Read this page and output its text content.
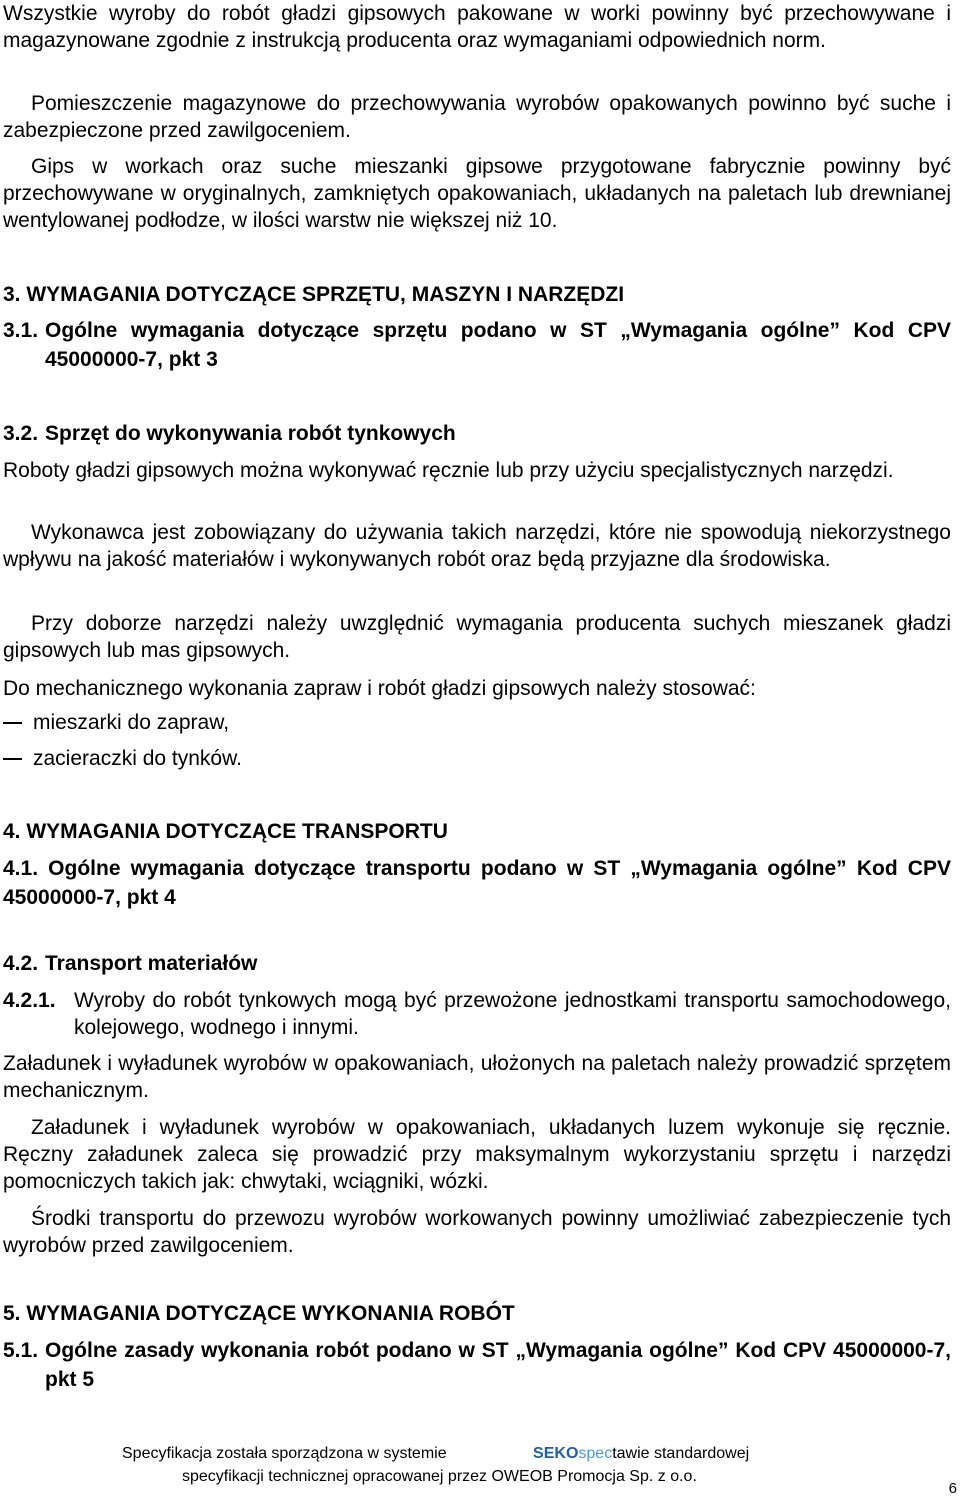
Wszystkie wyroby do robót gładzi gipsowych pakowane w worki powinny być przechowywane i magazynowane zgodnie z instrukcją producenta oraz wymaganiami odpowiednich norm.

Pomieszczenie magazynowe do przechowywania wyrobów opakowanych powinno być suche i zabezpieczone przed zawilgoceniem.

Gips w workach oraz suche mieszanki gipsowe przygotowane fabrycznie powinny być przechowywane w oryginalnych, zamkniętych opakowaniach, układanych na paletach lub drewnianej wentylowanej podłodze, w ilości warstw nie większej niż 10.

3. WYMAGANIA DOTYCZĄCE SPRZĘTU, MASZYN I NARZĘDZI
3.1. Ogólne wymagania dotyczące sprzętu podano w ST „Wymagania ogólne” Kod CPV 45000000-7, pkt 3
3.2. Sprzęt do wykonywania robót tynkowych

Roboty gładzi gipsowych można wykonywać ręcznie lub przy użyciu specjalistycznych narzędzi.

Wykonawca jest zobowiązany do używania takich narzędzi, które nie spowodują niekorzystnego wpływu na jakość materiałów i wykonywanych robót oraz będą przyjazne dla środowiska.

Przy doborze narzędzi należy uwzględnić wymagania producenta suchych mieszanek gładzi gipsowych lub mas gipsowych.

Do mechanicznego wykonania zapraw i robót gładzi gipsowych należy stosować:

mieszarki do zapraw,

zacieraczki do tynków.

4. WYMAGANIA DOTYCZĄCE TRANSPORTU
4.1. Ogólne wymagania dotyczące transportu podano w ST „Wymagania ogólne” Kod CPV 45000000-7, pkt 4
4.2. Transport materiałów
4.2.1. Wyroby do robót tynkowych mogą być przewożone jednostkami transportu samochodowego, kolejowego, wodnego i innymi.

Załadunek i wyładunek wyrobów w opakowaniach, ułożonych na paletach należy prowadzić sprzętem mechanicznym.

Załadunek i wyładunek wyrobów w opakowaniach, układanych luzem wykonuje się ręcznie. Ręczny załadunek zaleca się prowadzić przy maksymalnym wykorzystaniu sprzętu i narzędzi pomocniczych takich jak: chwytaki, wciągniki, wózki.

Środki transportu do przewozu wyrobów workowanych powinny umożliwiać zabezpieczenie tych wyrobów przed zawilgoceniem.

5. WYMAGANIA DOTYCZĄCE WYKONANIA ROBÓT
5.1. Ogólne zasady wykonania robót podano w ST „Wymagania ogólne” Kod CPV 45000000-7, pkt 5
Specyfikacja została sporządzona w systemie	SEKOspectawie standardowej
specyfikacji technicznej opracowanej przez OWEOB Promocja Sp. z o.o.
6
